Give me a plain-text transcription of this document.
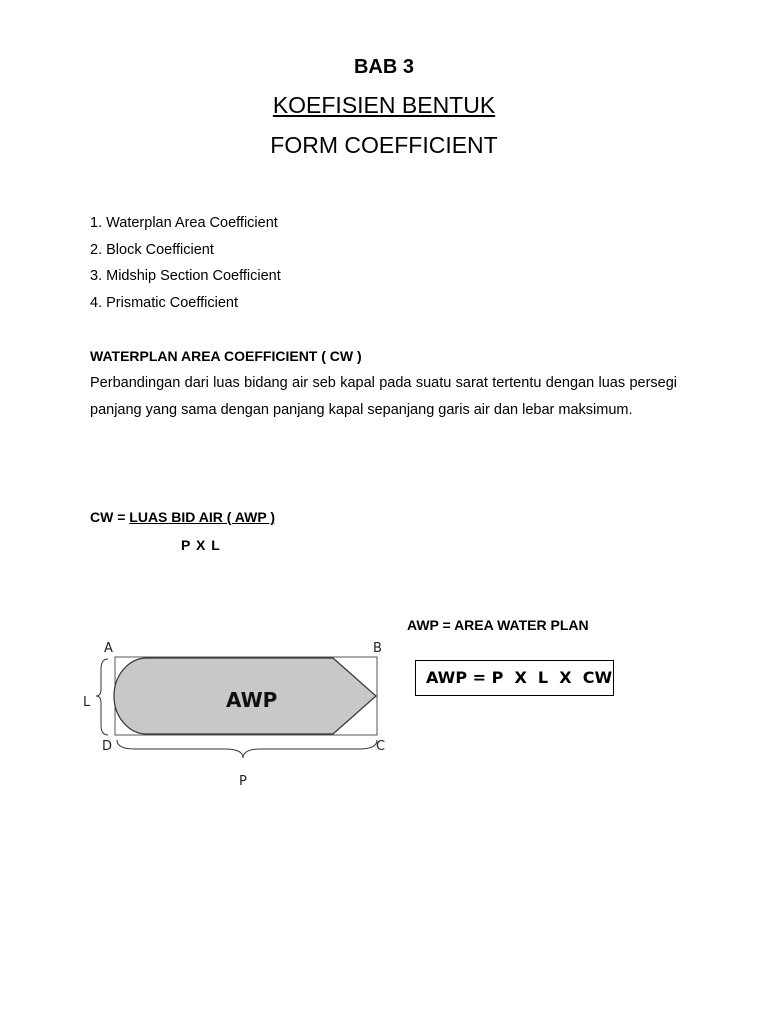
BAB 3
KOEFISIEN BENTUK
FORM COEFFICIENT
1. Waterplan Area Coefficient
2. Block Coefficient
3. Midship Section Coefficient
4. Prismatic Coefficient
WATERPLAN AREA COEFFICIENT ( CW )

Perbandingan dari luas bidang air seb kapal pada suatu sarat tertentu dengan luas persegi panjang yang sama dengan panjang kapal sepanjang garis air dan lebar maksimum.

CW = LUAS BID AIR ( AWP )
P X L
AWP = AREA WATER PLAN
AWP = P  X  L  X  CW
A	B
C
D
L
P
AWP
